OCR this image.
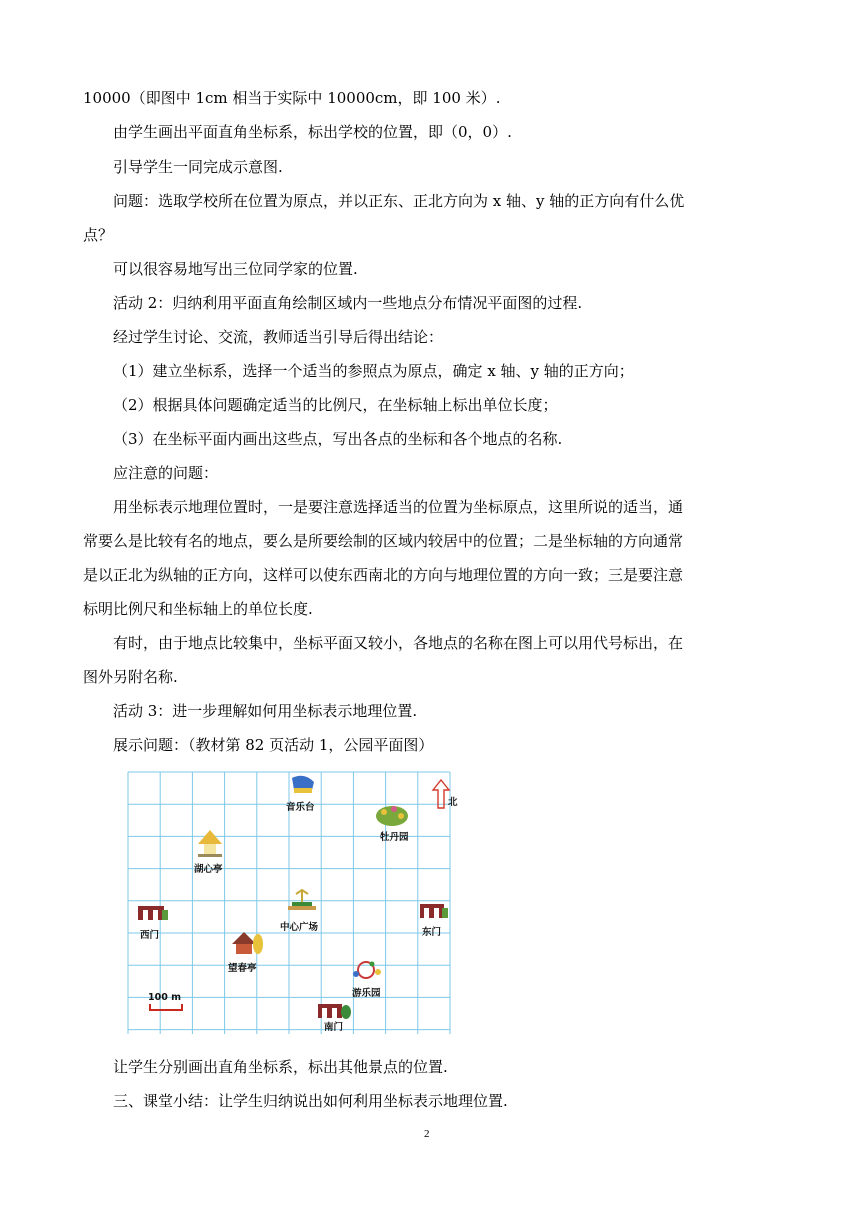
10000（即图中 1cm 相当于实际中 10000cm，即 100 米）.
由学生画出平面直角坐标系，标出学校的位置，即（0，0）.
引导学生一同完成示意图.
问题：选取学校所在位置为原点，并以正东、正北方向为 x 轴、y 轴的正方向有什么优
点？
可以很容易地写出三位同学家的位置.
活动 2：归纳利用平面直角绘制区域内一些地点分布情况平面图的过程.
经过学生讨论、交流，教师适当引导后得出结论：
（1）建立坐标系，选择一个适当的参照点为原点，确定 x 轴、y 轴的正方向；
（2）根据具体问题确定适当的比例尺，在坐标轴上标出单位长度；
（3）在坐标平面内画出这些点，写出各点的坐标和各个地点的名称.
应注意的问题：
用坐标表示地理位置时，一是要注意选择适当的位置为坐标原点，这里所说的适当，通
常要么是比较有名的地点，要么是所要绘制的区域内较居中的位置；二是坐标轴的方向通常
是以正北为纵轴的正方向，这样可以使东西南北的方向与地理位置的方向一致；三是要注意
标明比例尺和坐标轴上的单位长度.
有时，由于地点比较集中，坐标平面又较小，各地点的名称在图上可以用代号标出，在
图外另附名称.
活动 3：进一步理解如何用坐标表示地理位置.
展示问题：（教材第 82 页活动 1，公园平面图）
北
音乐台
牡丹园
湖心亭
西门
中心广场	东门
望春亭
游乐园
南门
100 m
让学生分别画出直角坐标系，标出其他景点的位置.
三、课堂小结：让学生归纳说出如何利用坐标表示地理位置.
2
